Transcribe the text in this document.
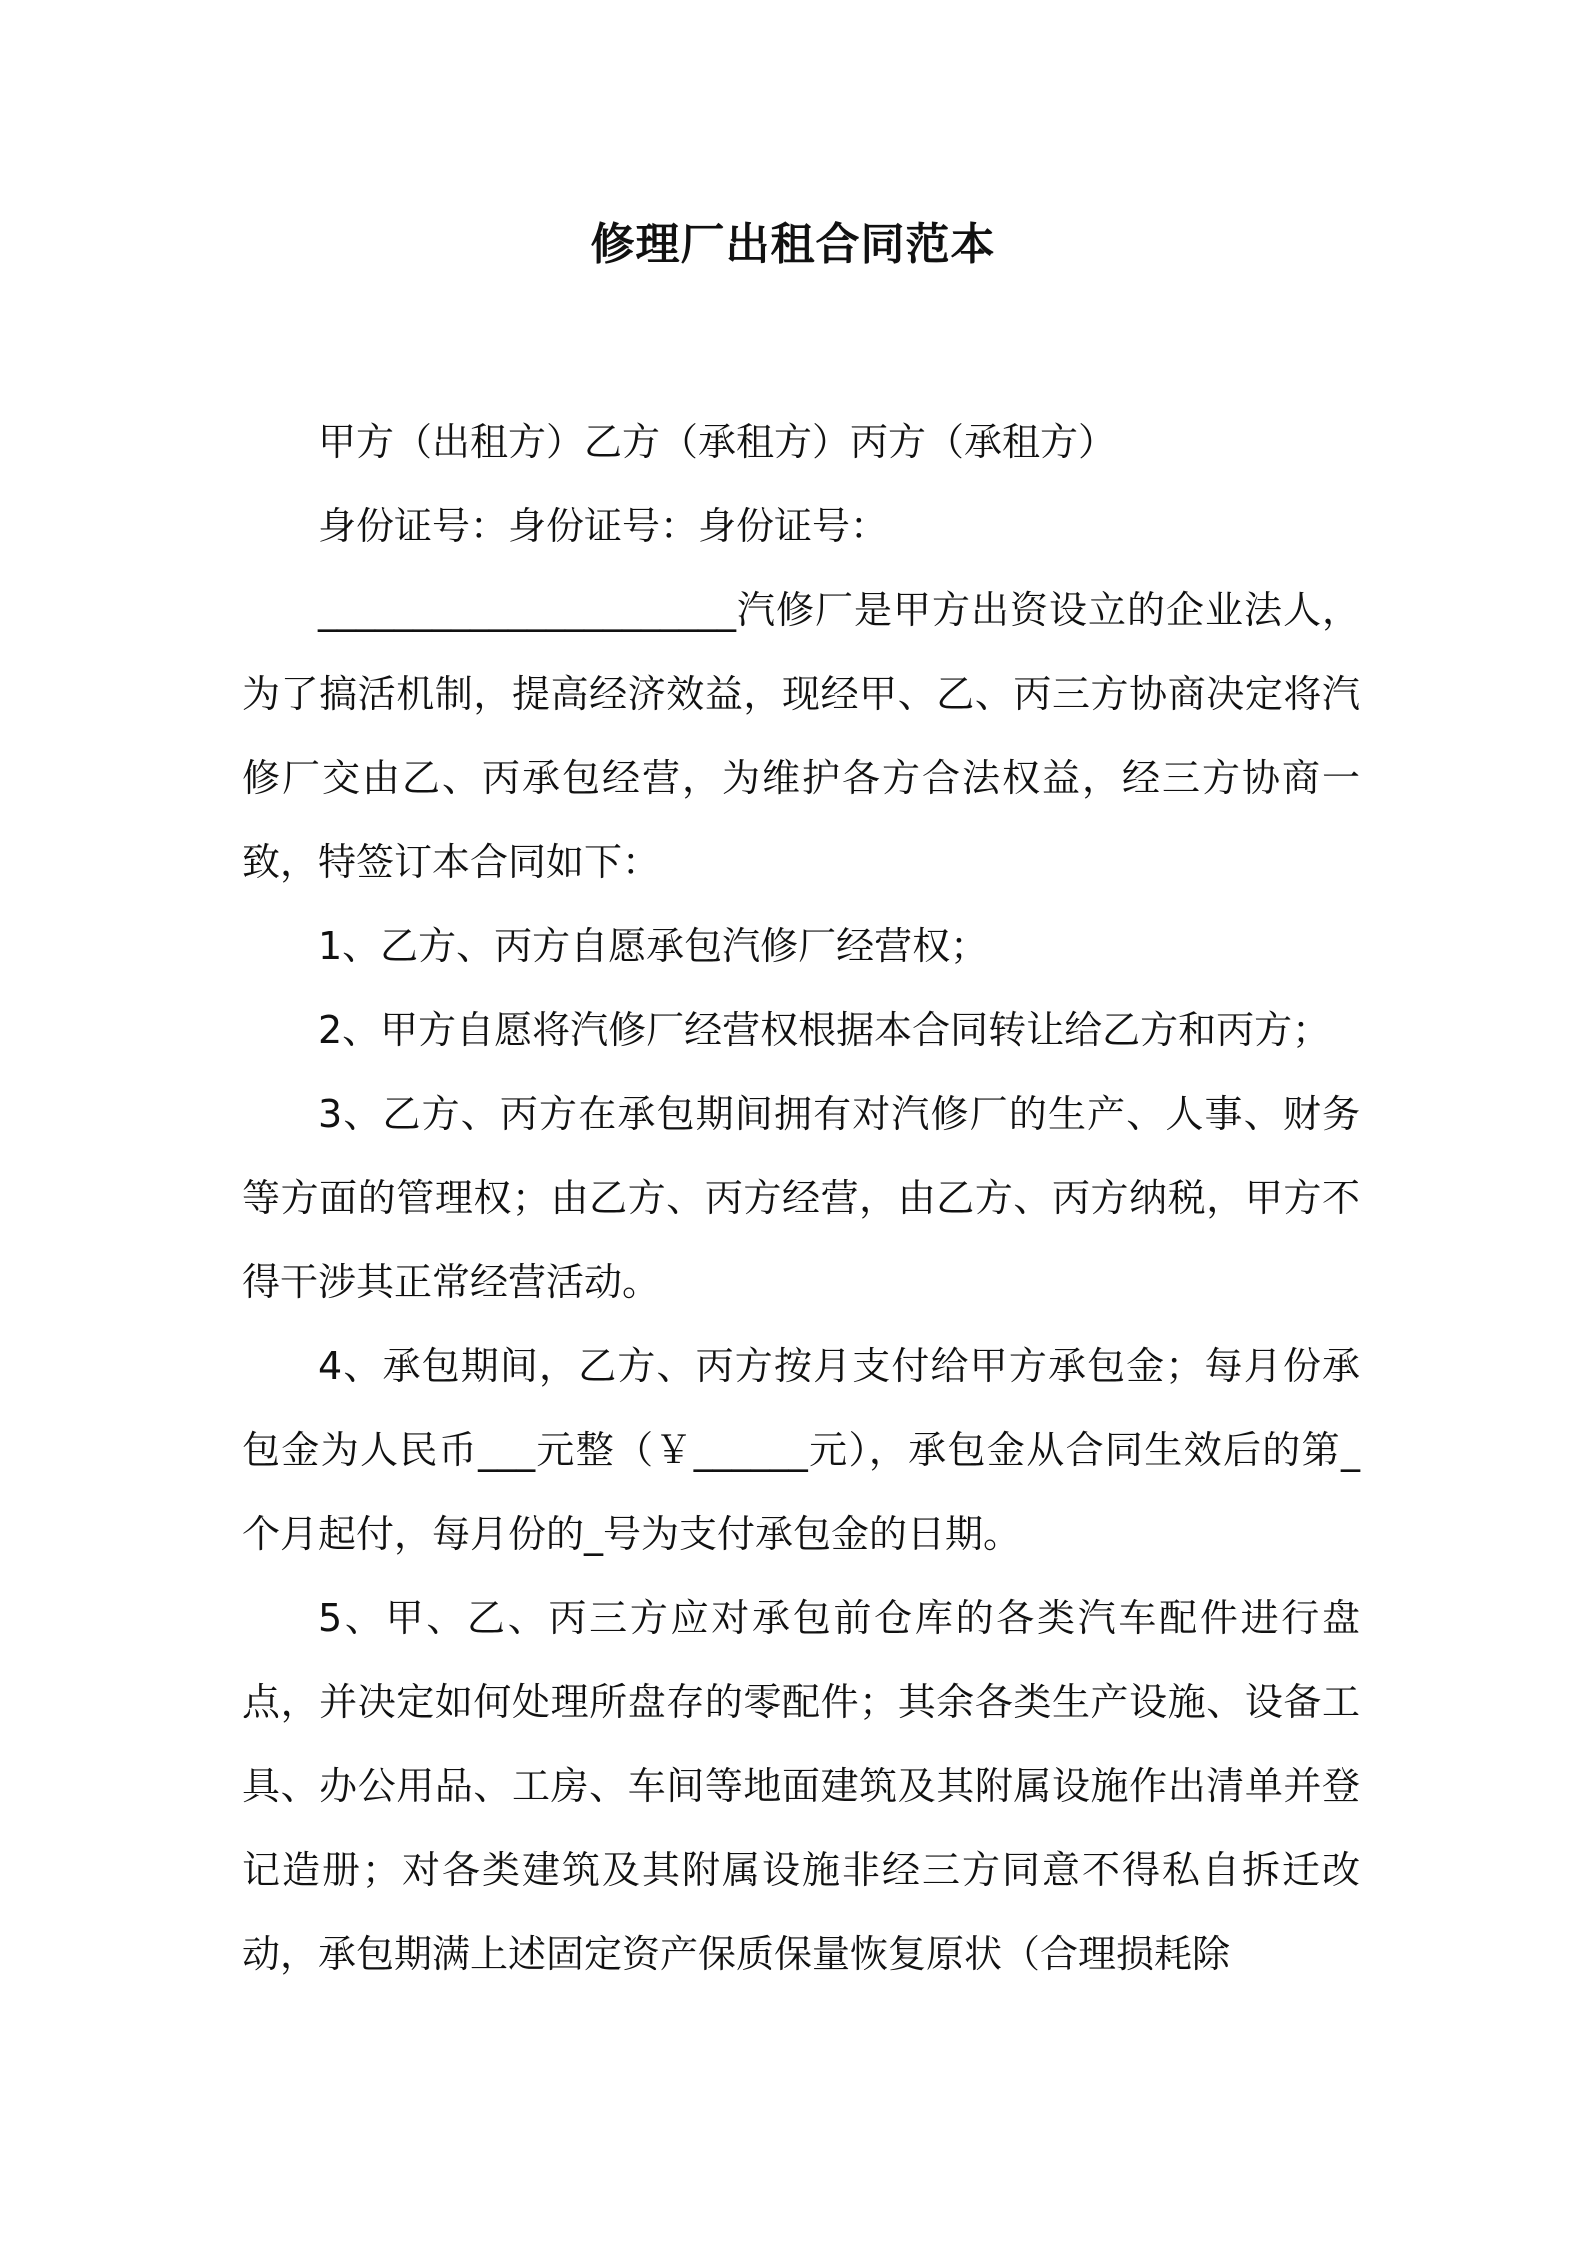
修理厂出租合同范本

甲方（出租方）乙方（承租方）丙方（承租方）

身份证号：身份证号：身份证号：

______________________汽修厂是甲方出资设立的企业法人，为了搞活机制，提高经济效益，现经甲、乙、丙三方协商决定将汽修厂交由乙、丙承包经营，为维护各方合法权益，经三方协商一致，特签订本合同如下：

1、乙方、丙方自愿承包汽修厂经营权；

2、甲方自愿将汽修厂经营权根据本合同转让给乙方和丙方；

3、乙方、丙方在承包期间拥有对汽修厂的生产、人事、财务等方面的管理权；由乙方、丙方经营，由乙方、丙方纳税，甲方不得干涉其正常经营活动。

4、承包期间，乙方、丙方按月支付给甲方承包金；每月份承包金为人民币___元整（￥______元），承包金从合同生效后的第_个月起付，每月份的_号为支付承包金的日期。

5、甲、乙、丙三方应对承包前仓库的各类汽车配件进行盘点，并决定如何处理所盘存的零配件；其余各类生产设施、设备工具、办公用品、工房、车间等地面建筑及其附属设施作出清单并登记造册；对各类建筑及其附属设施非经三方同意不得私自拆迁改动，承包期满上述固定资产保质保量恢复原状（合理损耗除
